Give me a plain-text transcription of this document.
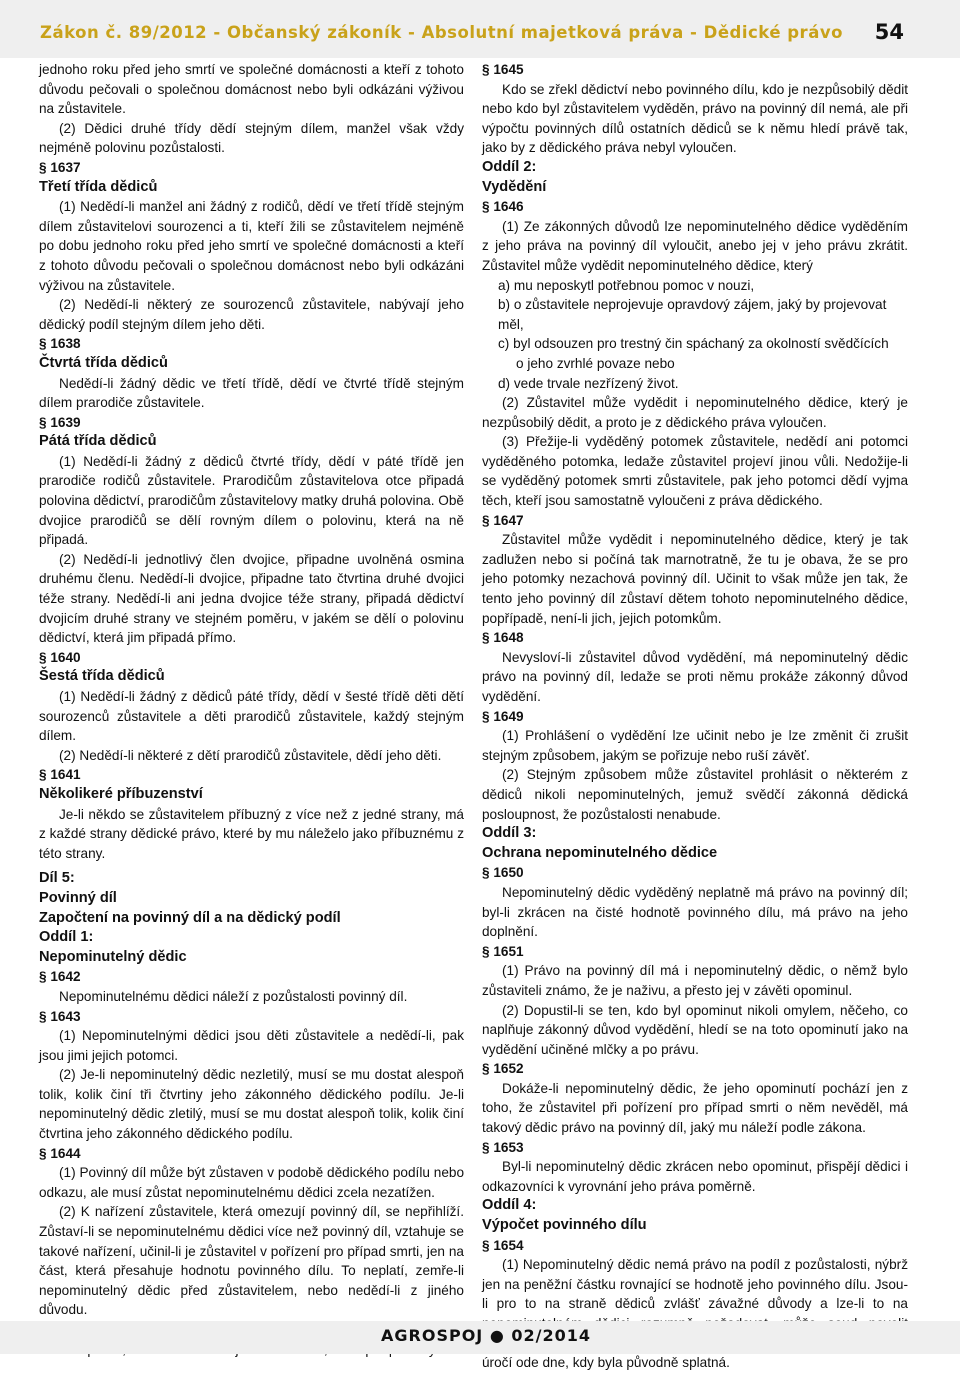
Zákon č. 89/2012 - Občanský zákoník - Absolutní majetková práva - Dědické právo 54

jednoho roku před jeho smrtí ve společné domácnosti a kteří z tohoto důvodu pečovali o společnou domácnost nebo byli odkázáni výživou na zůstavitele.

(2) Dědici druhé třídy dědí stejným dílem, manžel však vždy nejméně polovinu pozůstalosti.

§ 1637

Třetí třída dědiců

(1) Nedědí-li manžel ani žádný z rodičů, dědí ve třetí třídě stejným dílem zůstavitelovi sourozenci a ti, kteří žili se zůstavitelem nejméně po dobu jednoho roku před jeho smrtí ve společné domácnosti a kteří z tohoto důvodu pečovali o společnou domácnost nebo byli odkázáni výživou na zůstavitele.

(2) Nedědí-li některý ze sourozenců zůstavitele, nabývají jeho dědický podíl stejným dílem jeho děti.

§ 1638

Čtvrtá třída dědiců

Nedědí-li žádný dědic ve třetí třídě, dědí ve čtvrté třídě stejným dílem prarodiče zůstavitele.

§ 1639

Pátá třída dědiců

(1) Nedědí-li žádný z dědiců čtvrté třídy, dědí v páté třídě jen prarodiče rodičů zůstavitele. Prarodičům zůstavitelova otce připadá polovina dědictví, prarodičům zůstavitelovy matky druhá polovina. Obě dvojice prarodičů se dělí rovným dílem o polovinu, která na ně připadá.

(2) Nedědí-li jednotlivý člen dvojice, připadne uvolněná osmina druhému členu. Nedědí-li dvojice, připadne tato čtvrtina druhé dvojici téže strany. Nedědí-li ani jedna dvojice téže strany, připadá dědictví dvojicím druhé strany ve stejném poměru, v jakém se dělí o polovinu dědictví, která jim připadá přímo.

§ 1640

Šestá třída dědiců

(1) Nedědí-li žádný z dědiců páté třídy, dědí v šesté třídě děti dětí sourozenců zůstavitele a děti prarodičů zůstavitele, každý stejným dílem.

(2) Nedědí-li některé z dětí prarodičů zůstavitele, dědí jeho děti.

§ 1641

Několikeré příbuzenství

Je-li někdo se zůstavitelem příbuzný z více než z jedné strany, má z každé strany dědické právo, které by mu náleželo jako příbuznému z této strany.

Díl 5:

Povinný díl

Započtení na povinný díl a na dědický podíl

Oddíl 1:

Nepominutelný dědic

§ 1642

Nepominutelnému dědici náleží z pozůstalosti povinný díl.

§ 1643

(1) Nepominutelnými dědici jsou děti zůstavitele a nedědí-li, pak jsou jimi jejich potomci.

(2) Je-li nepominutelný dědic nezletilý, musí se mu dostat alespoň tolik, kolik činí tři čtvrtiny jeho zákonného dědického podílu. Je-li nepominutelný dědic zletilý, musí se mu dostat alespoň tolik, kolik činí čtvrtina jeho zákonného dědického podílu.

§ 1644

(1) Povinný díl může být zůstaven v podobě dědického podílu nebo odkazu, ale musí zůstat nepominutelnému dědici zcela nezatížen.

(2) K nařízení zůstavitele, která omezují povinný díl, se nepřihlíží. Zůstaví-li se nepominutelnému dědici více než povinný díl, vztahuje se takové nařízení, učinil-li je zůstavitel v pořízení pro případ smrti, jen na část, která přesahuje hodnotu povinného dílu. To neplatí, zemře-li nepominutelný dědic před zůstavitelem, nebo nedědí-li z jiného důvodu.

§ 1645

Kdo se zřekl dědictví nebo povinného dílu, kdo je nezpůsobilý dědit nebo kdo byl zůstavitelem vyděděn, právo na povinný díl nemá, ale při výpočtu povinných dílů ostatních dědiců se k němu hledí právě tak, jako by z dědického práva nebyl vyloučen.

Oddíl 2:

Vydědění

§ 1646

(1) Ze zákonných důvodů lze nepominutelného dědice vyděděním z jeho práva na povinný díl vyloučit, anebo jej v jeho právu zkrátit. Zůstavitel může vydědit nepominutelného dědice, který

a) mu neposkytl potřebnou pomoc v nouzi,

b) o zůstavitele neprojevuje opravdový zájem, jaký by projevovat měl,

c) byl odsouzen pro trestný čin spáchaný za okolností svědčících

o jeho zvrhlé povaze nebo

d) vede trvale nezřízený život.

(2) Zůstavitel může vydědit i nepominutelného dědice, který je nezpůsobilý dědit, a proto je z dědického práva vyloučen.

(3) Přežije-li vyděděný potomek zůstavitele, nedědí ani potomci vyděděného potomka, ledaže zůstavitel projeví jinou vůli. Nedožije-li se vyděděný potomek smrti zůstavitele, pak jeho potomci dědí vyjma těch, kteří jsou samostatně vyloučeni z práva dědického.

§ 1647

Zůstavitel může vydědit i nepominutelného dědice, který je tak zadlužen nebo si počíná tak marnotratně, že tu je obava, že se pro jeho potomky nezachová povinný díl. Učinit to však může jen tak, že tento jeho povinný díl zůstaví dětem tohoto nepominutelného dědice, popřípadě, není-li jich, jejich potomkům.

§ 1648

Nevysloví-li zůstavitel důvod vydědění, má nepominutelný dědic právo na povinný díl, ledaže se proti němu prokáže zákonný důvod vydědění.

§ 1649

(1) Prohlášení o vydědění lze učinit nebo je lze změnit či zrušit stejným způsobem, jakým se pořizuje nebo ruší závěť.

(2) Stejným způsobem může zůstavitel prohlásit o některém z dědiců nikoli nepominutelných, jemuž svědčí zákonná dědická posloupnost, že pozůstalosti nenabude.

Oddíl 3:

Ochrana nepominutelného dědice

§ 1650

Nepominutelný dědic vyděděný neplatně má právo na povinný díl; byl-li zkrácen na čisté hodnotě povinného dílu, má právo na jeho doplnění.

§ 1651

(1) Právo na povinný díl má i nepominutelný dědic, o němž bylo zůstaviteli známo, že je naživu, a přesto jej v závěti opominul.

(2) Dopustil-li se ten, kdo byl opominut nikoli omylem, něčeho, co naplňuje zákonný důvod vydědění, hledí se na toto opominutí jako na vydědění učiněné mlčky a po právu.

§ 1652

Dokáže-li nepominutelný dědic, že jeho opominutí pochází jen z toho, že zůstavitel při pořízení pro případ smrti o něm nevěděl, má takový dědic právo na povinný díl, jaký mu náleží podle zákona.

§ 1653

Byl-li nepominutelný dědic zkrácen nebo opominut, přispějí dědici i odkazovníci k vyrovnání jeho práva poměrně.

Oddíl 4:

Výpočet povinného dílu

§ 1654

(1) Nepominutelný dědic nemá právo na podíl z pozůstalosti, nýbrž jen na peněžní částku rovnající se hodnotě jeho povinného dílu. Jsou-li pro to na straně dědiců zvlášť závažné důvody a lze-li to na úročí ode dne, kdy byla původně splatná.

AGROSPOJ ● 02/2014
